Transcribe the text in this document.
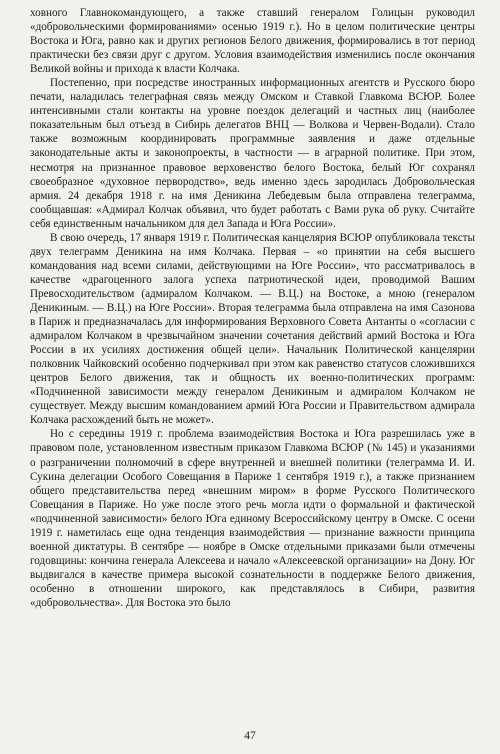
ховного Главнокомандующего, а также ставший генералом Голицын руководил «добровольческими формированиями» осенью 1919 г.). Но в целом политические центры Востока и Юга, равно как и других регионов Белого движения, формировались в тот период практически без связи друг с другом. Условия взаимодействия изменились после окончания Великой войны и прихода к власти Колчака.

Постепенно, при посредстве иностранных информационных агентств и Русского бюро печати, наладилась телеграфная связь между Омском и Ставкой Главкома ВСЮР. Более интенсивными стали контакты на уровне поездок делегаций и частных лиц (наиболее показательным был отъезд в Сибирь делегатов ВНЦ — Волкова и Червен-Водали). Стало также возможным координировать программные заявления и даже отдельные законодательные акты и законопроекты, в частности — в аграрной политике. При этом, несмотря на признанное правовое верховенство белого Востока, белый Юг сохранял своеобразное «духовное первородство», ведь именно здесь зародилась Добровольческая армия. 24 декабря 1918 г. на имя Деникина Лебедевым была отправлена телеграмма, сообщавшая: «Адмирал Колчак объявил, что будет работать с Вами рука об руку. Считайте себя единственным начальником для дел Запада и Юга России».

В свою очередь, 17 января 1919 г. Политическая канцелярия ВСЮР опубликовала тексты двух телеграмм Деникина на имя Колчака. Первая – «о принятии на себя высшего командования над всеми силами, действующими на Юге России», что рассматривалось в качестве «драгоценного залога успеха патриотической идеи, проводимой Вашим Превосходительством (адмиралом Колчаком. — В.Ц.) на Востоке, а мною (генералом Деникиным. — В.Ц.) на Юге России». Вторая телеграмма была отправлена на имя Сазонова в Париж и предназначалась для информирования Верховного Совета Антанты о «согласии с адмиралом Колчаком в чрезвычайном значении сочетания действий армий Востока и Юга России в их усилиях достижения общей цели». Начальник Политической канцелярии полковник Чайковский особенно подчеркивал при этом как равенство статусов сложившихся центров Белого движения, так и общность их военно-политических программ: «Подчиненной зависимости между генералом Деникиным и адмиралом Колчаком не существует. Между высшим командованием армий Юга России и Правительством адмирала Колчака расхождений быть не может».

Но с середины 1919 г. проблема взаимодействия Востока и Юга разрешилась уже в правовом поле, установленном известным приказом Главкома ВСЮР (№ 145) и указаниями о разграничении полномочий в сфере внутренней и внешней политики (телеграмма И. И. Сукина делегации Особого Совещания в Париже 1 сентября 1919 г.), а также признанием общего представительства перед «внешним миром» в форме Русского Политического Совещания в Париже. Но уже после этого речь могла идти о формальной и фактической «подчиненной зависимости» белого Юга единому Всероссийскому центру в Омске. С осени 1919 г. наметилась еще одна тенденция взаимодействия — признание важности принципа военной диктатуры. В сентябре — ноябре в Омске отдельными приказами были отмечены годовщины: кончина генерала Алексеева и начало «Алексеевской организации» на Дону. Юг выдвигался в качестве примера высокой сознательности в поддержке Белого движения, особенно в отношении широкого, как представлялось в Сибири, развития «добровольчества». Для Востока это было

47
